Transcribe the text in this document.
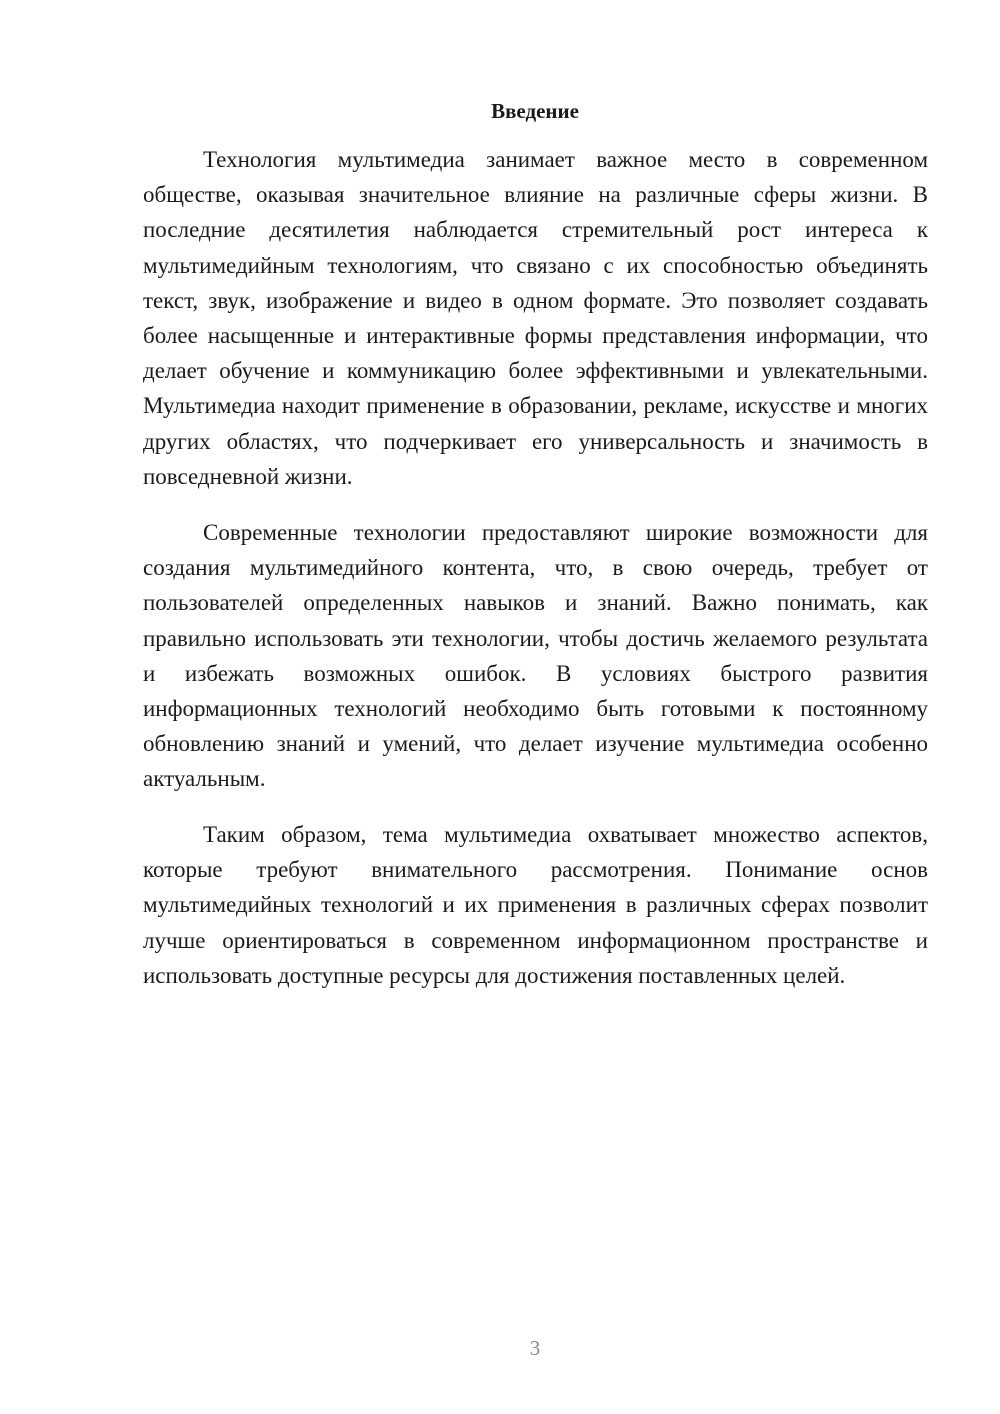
Введение

Технология мультимедиа занимает важное место в современном обществе, оказывая значительное влияние на различные сферы жизни. В последние десятилетия наблюдается стремительный рост интереса к мультимедийным технологиям, что связано с их способностью объединять текст, звук, изображение и видео в одном формате. Это позволяет создавать более насыщенные и интерактивные формы представления информации, что делает обучение и коммуникацию более эффективными и увлекательными. Мультимедиа находит применение в образовании, рекламе, искусстве и многих других областях, что подчеркивает его универсальность и значимость в повседневной жизни.

Современные технологии предоставляют широкие возможности для создания мультимедийного контента, что, в свою очередь, требует от пользователей определенных навыков и знаний. Важно понимать, как правильно использовать эти технологии, чтобы достичь желаемого результата и избежать возможных ошибок. В условиях быстрого развития информационных технологий необходимо быть готовыми к постоянному обновлению знаний и умений, что делает изучение мультимедиа особенно актуальным.

Таким образом, тема мультимедиа охватывает множество аспектов, которые требуют внимательного рассмотрения. Понимание основ мультимедийных технологий и их применения в различных сферах позволит лучше ориентироваться в современном информационном пространстве и использовать доступные ресурсы для достижения поставленных целей.

3
